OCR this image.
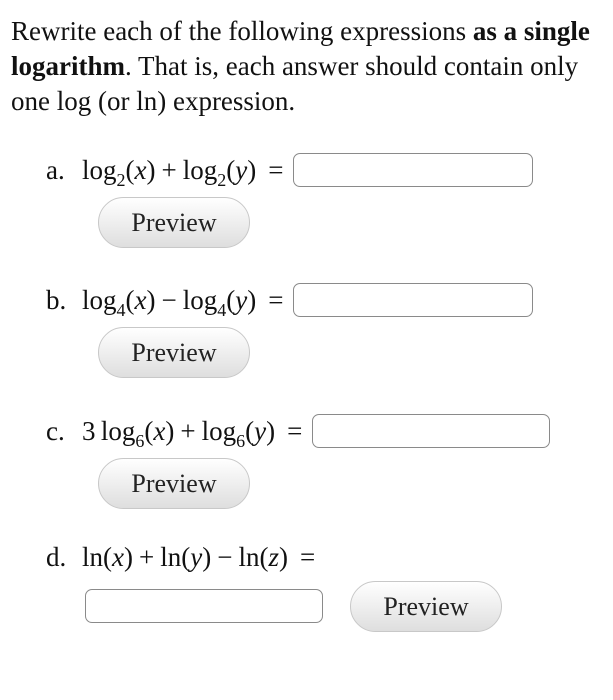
Rewrite each of the following expressions as a single logarithm. That is, each answer should contain only one log (or ln) expression.
a. $\log_2(x) + \log_2(y)$ =
Preview
b. $\log_4(x) - \log_4(y)$ =
Preview
c. 3  $\log_6(x) + \log_6(y)$ =
Preview
d. ln(x) + ln(y) − ln(z) =
Preview
